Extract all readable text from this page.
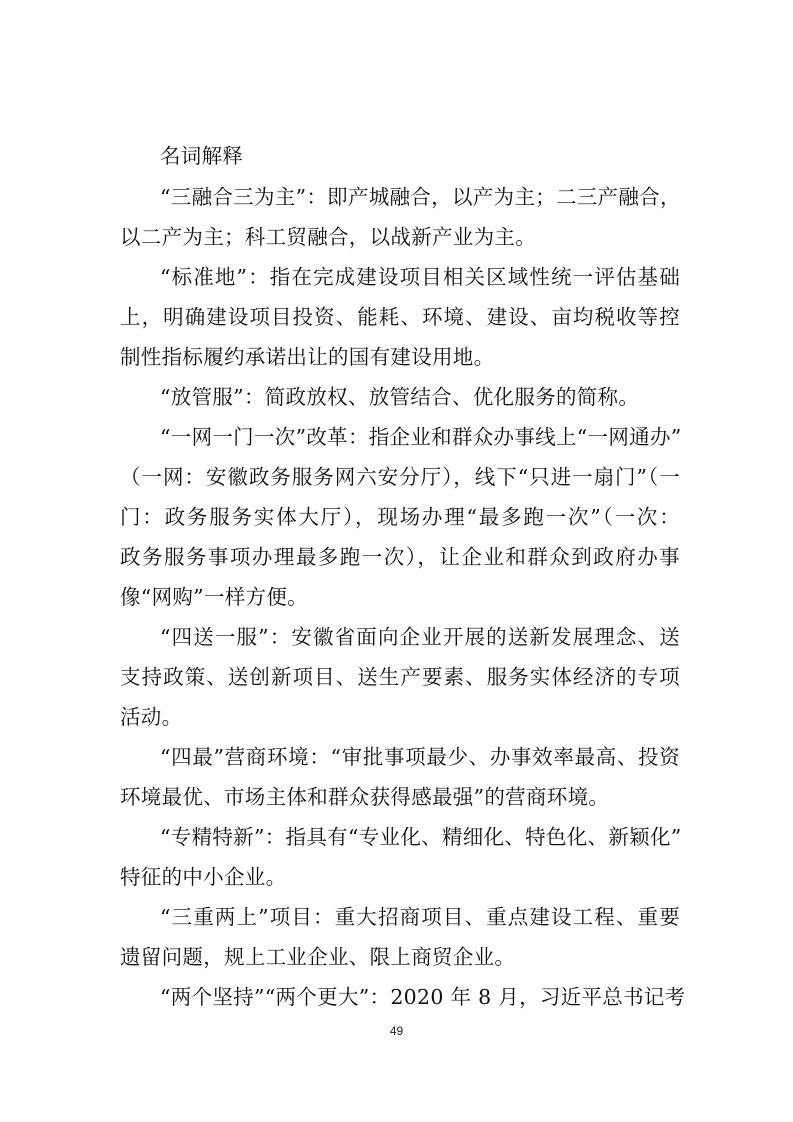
名词解释
“三融合三为主”：即产城融合，以产为主；二三产融合，
以二产为主；科工贸融合，以战新产业为主。
“标准地”：指在完成建设项目相关区域性统一评估基础
上，明确建设项目投资、能耗、环境、建设、亩均税收等控
制性指标履约承诺出让的国有建设用地。
“放管服”：简政放权、放管结合、优化服务的简称。
“一网一门一次”改革：指企业和群众办事线上“一网通办”
（一网：安徽政务服务网六安分厅），线下“只进一扇门”（一
门：政务服务实体大厅），现场办理“最多跑一次”（一次：
政务服务事项办理最多跑一次），让企业和群众到政府办事
像“网购”一样方便。
“四送一服”：安徽省面向企业开展的送新发展理念、送
支持政策、送创新项目、送生产要素、服务实体经济的专项
活动。
“四最”营商环境：“审批事项最少、办事效率最高、投资
环境最优、市场主体和群众获得感最强”的营商环境。
“专精特新”：指具有“专业化、精细化、特色化、新颖化”
特征的中小企业。
“三重两上”项目：重大招商项目、重点建设工程、重要
遗留问题，规上工业企业、限上商贸企业。
“两个坚持”“两个更大”：2020 年 8 月，习近平总书记考
49
